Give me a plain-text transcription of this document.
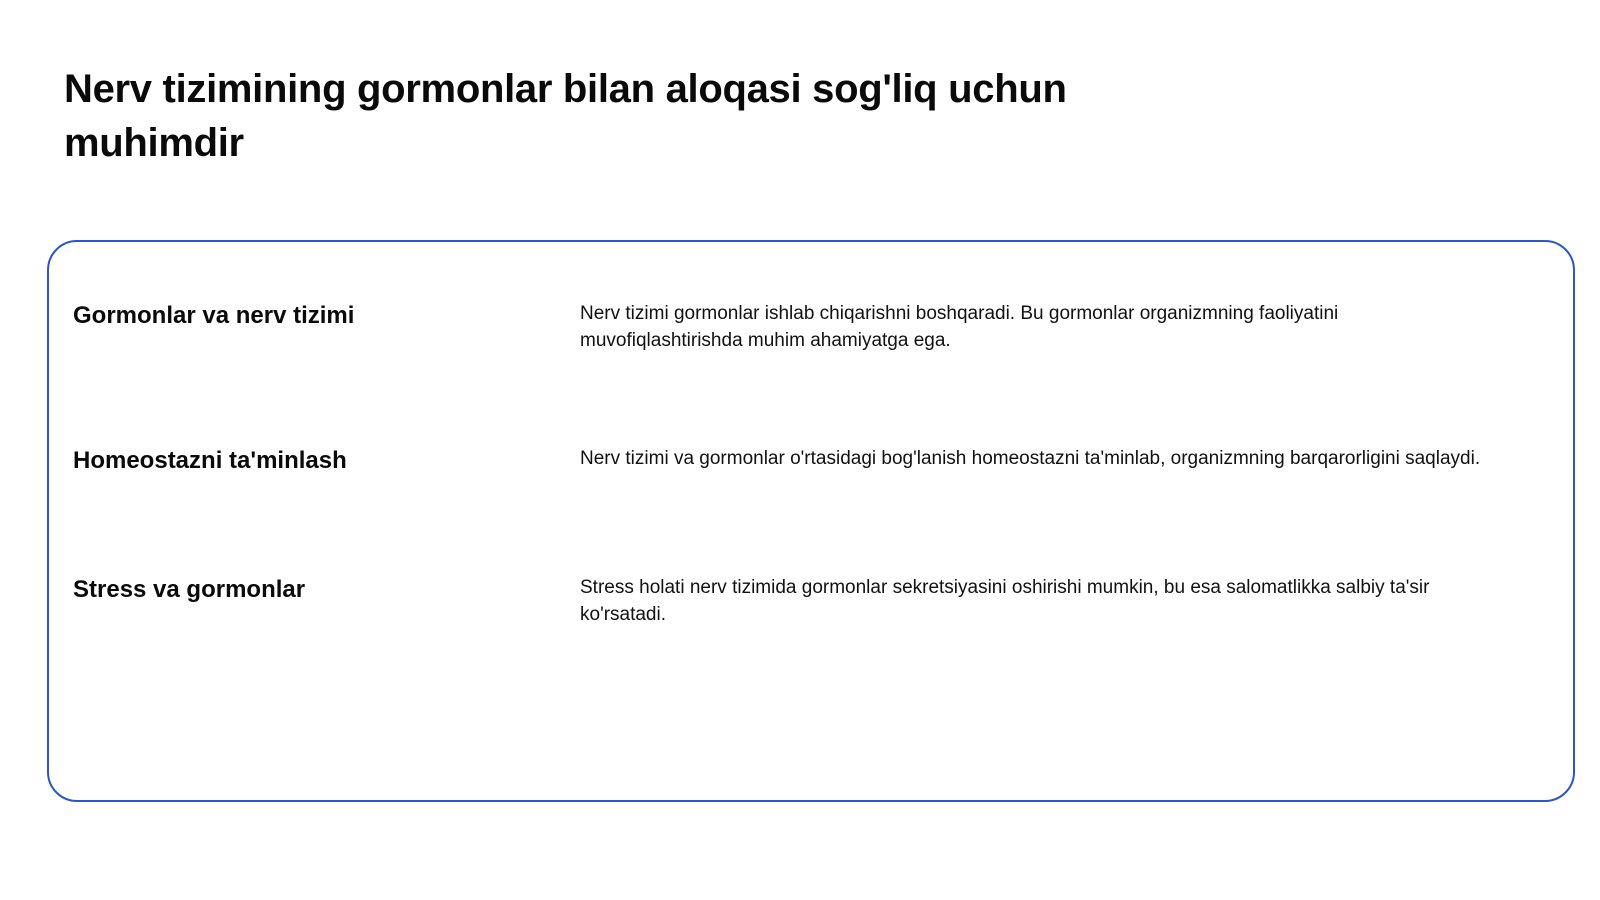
Nerv tizimining gormonlar bilan aloqasi sog'liq uchun muhimdir
Gormonlar va nerv tizimi	Nerv tizimi gormonlar ishlab chiqarishni boshqaradi. Bu gormonlar organizmning faoliyatini muvofiqlashtirishda muhim ahamiyatga ega.

Homeostazni ta'minlash	Nerv tizimi va gormonlar o'rtasidagi bog'lanish homeostazni ta'minlab, organizmning barqarorligini saqlaydi.

Stress va gormonlar	Stress holati nerv tizimida gormonlar sekretsiyasini oshirishi mumkin, bu esa salomatlikka salbiy ta'sir ko'rsatadi.
